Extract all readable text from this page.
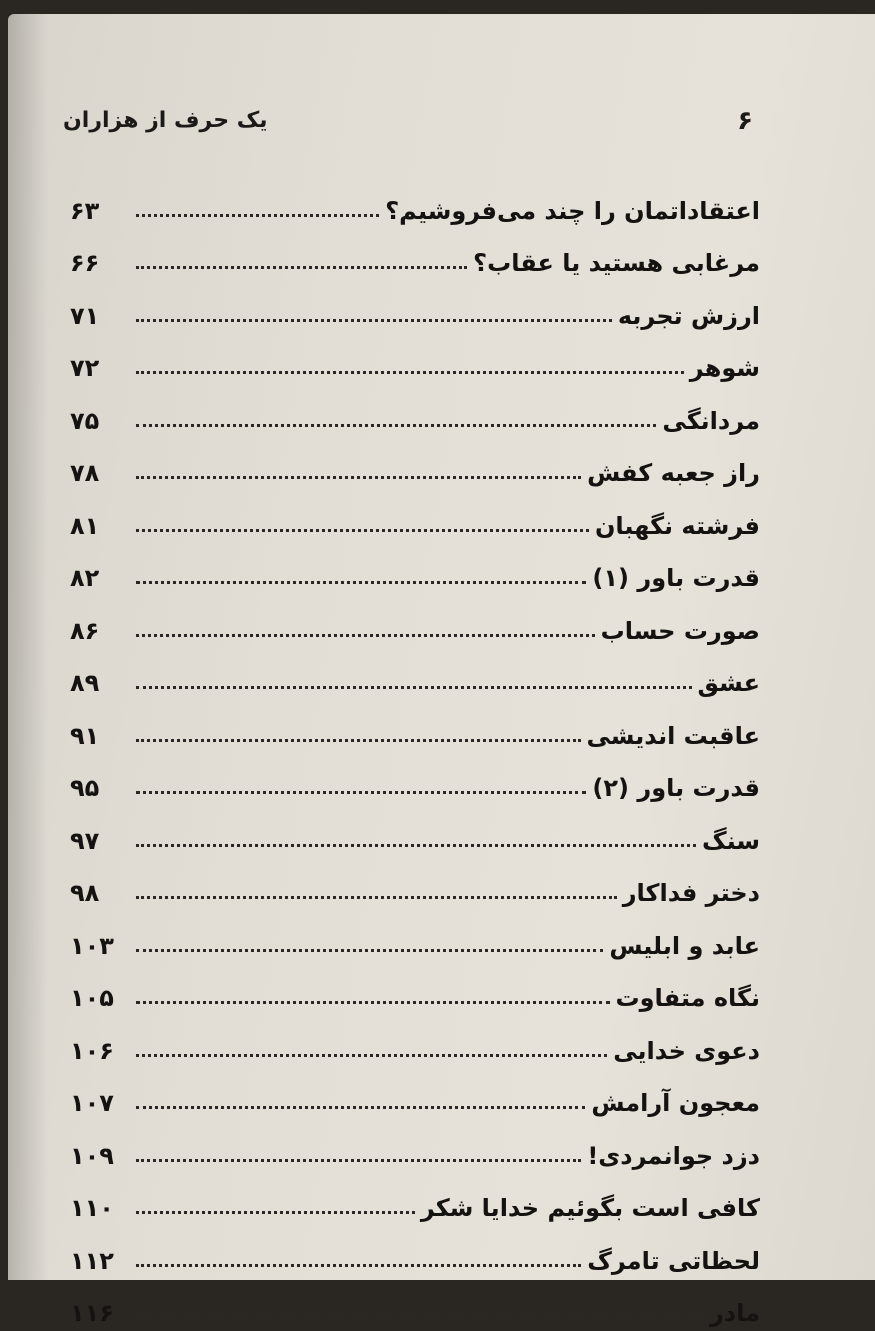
یک حرف از هزاران	۶
اعتقاداتمان را چند می‌فروشیم؟
۶۳
مرغابی هستید یا عقاب؟
۶۶
ارزش تجربه
۷۱
شوهر
۷۲
مردانگی
۷۵
راز جعبه کفش
۷۸
فرشته نگهبان
۸۱
قدرت باور (۱)
۸۲
صورت حساب
۸۶
عشق
۸۹
عاقبت اندیشی
۹۱
قدرت باور (۲)
۹۵
سنگ
۹۷
دختر فداکار
۹۸
عابد و ابلیس
۱۰۳
نگاه متفاوت
۱۰۵
دعوی خدایی
۱۰۶
معجون آرامش
۱۰۷
دزد جوانمردی!
۱۰۹
کافی است بگوئیم خدایا شکر
۱۱۰
لحظاتی تامرگ
۱۱۲
مادر
۱۱۶
